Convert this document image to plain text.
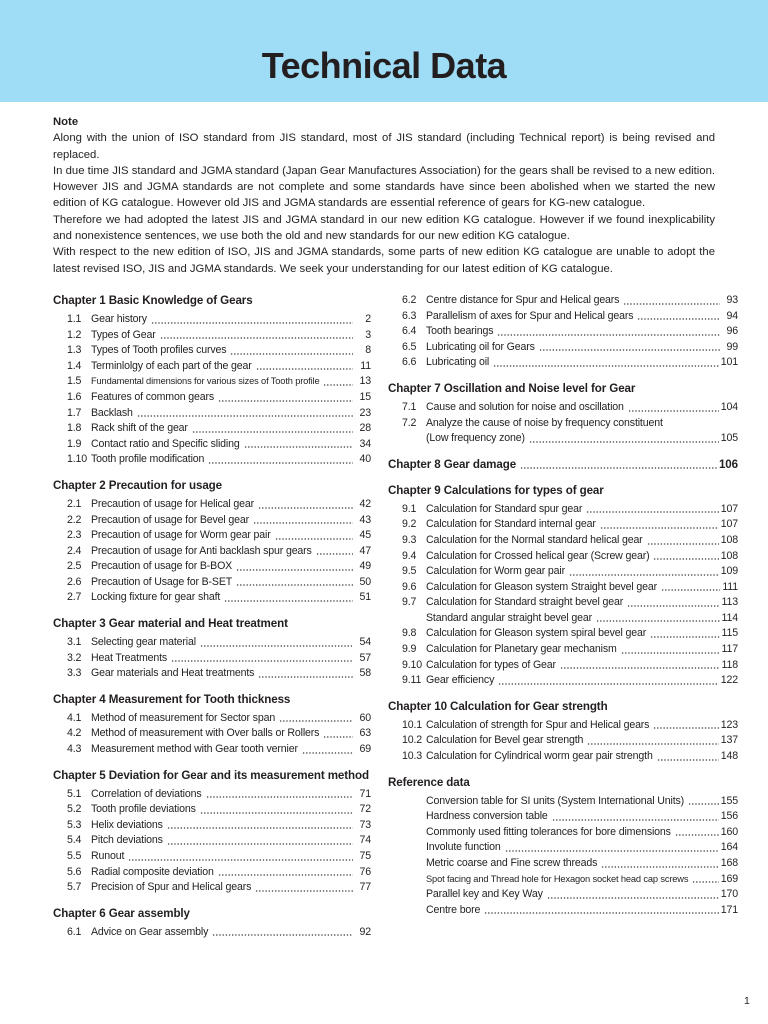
Technical Data

Note

Along with the union of ISO standard from JIS standard, most of JIS standard (including Technical report) is being revised and replaced.

In due time JIS standard and JGMA standard (Japan Gear Manufactures Association) for the gears shall be revised to a new edition. However JIS and JGMA standards are not complete and some standards have since been abolished when we started the new edition of KG catalogue. However old JIS and JGMA standards are essential reference of gears for KG-new catalogue.

Therefore we had adopted the latest JIS and JGMA standard in our new edition KG catalogue. However if we found inexplicability and nonexistence sentences, we use both the old and new standards for our new edition KG catalogue.

With respect to the new edition of ISO, JIS and JGMA standards, some parts of new edition KG catalogue are unable to adopt the latest revised ISO, JIS and JGMA standards. We seek your understanding for our latest edition of KG catalogue.

Chapter 1 Basic Knowledge of Gears
1.1 Gear history	2
1.2 Types of Gear	3
1.3 Types of Tooth profiles curves	8
1.4 Terminlolgy of each part of the gear	11
1.5	Fundamental dimensions for various sizes of Tooth profile	13
1.6 Features of common gears	15
1.7 Backlash	23
1.8 Rack shift of the gear	28
1.9 Contact ratio and Specific sliding	34
1.10 Tooth profile modification	40
Chapter 2 Precaution for usage
2.1 Precaution of usage for Helical gear	42
2.2 Precaution of usage for Bevel gear	43
2.3 Precaution of usage for Worm gear pair	45
2.4 Precaution of usage for Anti backlash spur gears	47
2.5 Precaution of usage for B-BOX	49
2.6 Precaution of Usage for B-SET	50
2.7 Locking fixture for gear shaft	51
Chapter 3 Gear material and Heat treatment
3.1 Selecting gear material	54
3.2 Heat Treatments	57
3.3 Gear materials and Heat treatments	58
Chapter 4 Measurement for Tooth thickness
4.1 Method of measurement for Sector span	60
4.2 Method of measurement with Over balls or Rollers	63
4.3 Measurement method with Gear tooth vernier	69
Chapter 5 Deviation for Gear and its measurement method
5.1 Correlation of deviations	71
5.2 Tooth profile deviations	72
5.3 Helix deviations	73
5.4 Pitch deviations	74
5.5 Runout	75
5.6 Radial composite deviation	76
5.7 Precision of Spur and Helical gears	77
Chapter 6 Gear assembly
6.1 Advice on Gear assembly	92
6.2 Centre distance for Spur and Helical gears	93
6.3 Parallelism of axes for Spur and Helical gears	94
6.4 Tooth bearings	96
6.5 Lubricating oil for Gears	99
6.6 Lubricating oil	101
Chapter 7 Oscillation and Noise level for Gear
7.1 Cause and solution for noise and oscillation	104
7.2 Analyze the cause of noise by frequency constituent
(Low frequency zone)	105
Chapter 8 Gear damage	106
Chapter 9 Calculations for types of gear
9.1 Calculation for Standard spur gear	107
9.2 Calculation for Standard internal gear	107
9.3 Calculation for the Normal standard helical gear	108
9.4 Calculation for Crossed helical gear (Screw gear)	108
9.5 Calculation for Worm gear pair	109
9.6 Calculation for Gleason system Straight bevel gear	111
9.7 Calculation for Standard straight bevel gear	113
Standard angular straight bevel gear	114
9.8 Calculation for Gleason system spiral bevel gear	115
9.9 Calculation for Planetary gear mechanism	117
9.10 Calculation for types of Gear	118
9.11 Gear efficiency	122
Chapter 10 Calculation for Gear strength
10.1 Calculation of strength for Spur and Helical gears	123
10.2 Calculation for Bevel gear strength	137
10.3 Calculation for Cylindrical worm gear pair strength	148
Reference data
Conversion table for SI units (System International Units)	155
Hardness conversion table	156
Commonly used fitting tolerances for bore dimensions	160
Involute function	164
Metric coarse and Fine screw threads	168
Spot facing and Thread hole for Hexagon socket head cap screws	169
Parallel key and Key Way	170
Centre bore	171
1
